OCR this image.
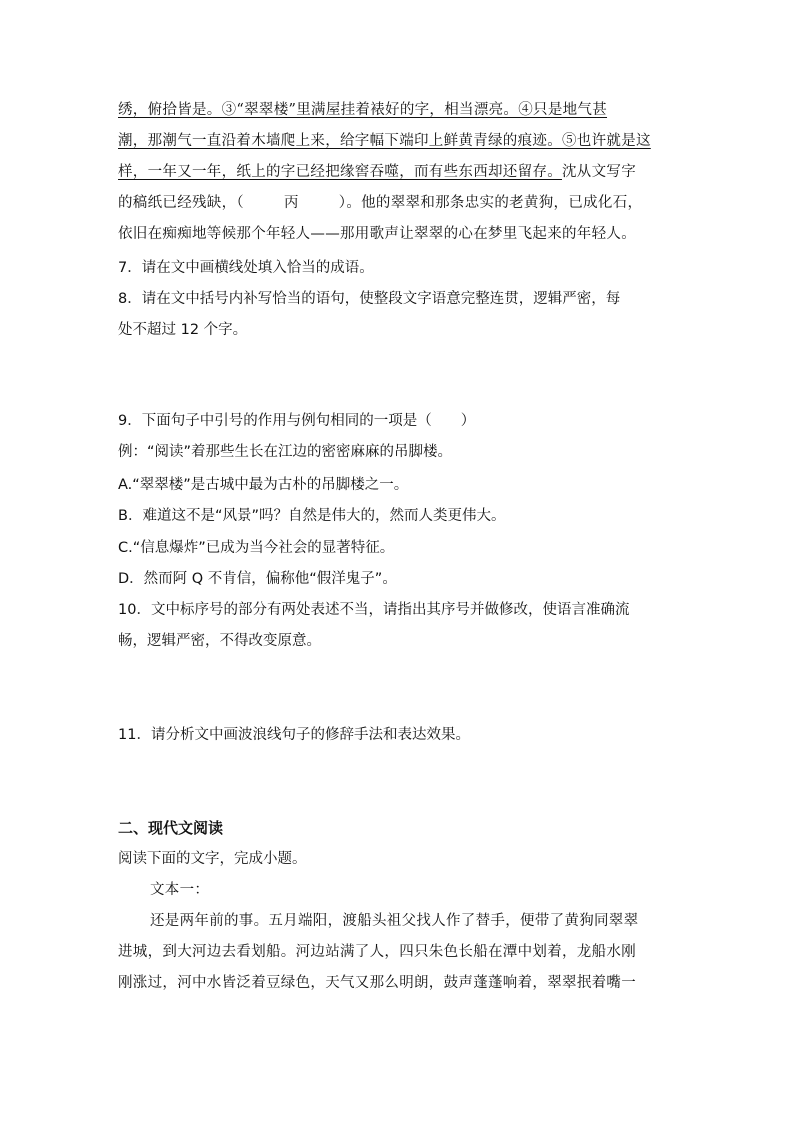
绣，俯拾皆是。③“翠翠楼”里满屋挂着裱好的字，相当漂亮。④只是地气甚
潮，那潮气一直沿着木墙爬上来，给字幅下端印上鲜黄青绿的痕迹。⑤也许就是这
样，一年又一年，纸上的字已经把缘窖吞噬，而有些东西却还留存。沈从文写字
的稿纸已经残缺，（	丙	）。他的翠翠和那条忠实的老黄狗，已成化石，
依旧在痴痴地等候那个年轻人——那用歌声让翠翠的心在梦里飞起来的年轻人。
7．请在文中画横线处填入恰当的成语。
8．请在文中括号内补写恰当的语句，使整段文字语意完整连贯，逻辑严密，每
处不超过 12 个字。
9．下面句子中引号的作用与例句相同的一项是（　　）
例：“阅读”着那些生长在江边的密密麻麻的吊脚楼。
A.“翠翠楼”是古城中最为古朴的吊脚楼之一。
B．难道这不是“风景”吗？自然是伟大的，然而人类更伟大。
C.“信息爆炸”已成为当今社会的显著特征。
D．然而阿 Q 不肯信，偏称他“假洋鬼子”。
10．文中标序号的部分有两处表述不当，请指出其序号并做修改，使语言准确流
畅，逻辑严密，不得改变原意。
11．请分析文中画波浪线句子的修辞手法和表达效果。
二、现代文阅读
阅读下面的文字，完成小题。
文本一：
还是两年前的事。五月端阳，渡船头祖父找人作了替手，便带了黄狗同翠翠
进城，到大河边去看划船。河边站满了人，四只朱色长船在潭中划着，龙船水刚
刚涨过，河中水皆泛着豆绿色，天气又那么明朗，鼓声蓬蓬响着，翠翠抿着嘴一
